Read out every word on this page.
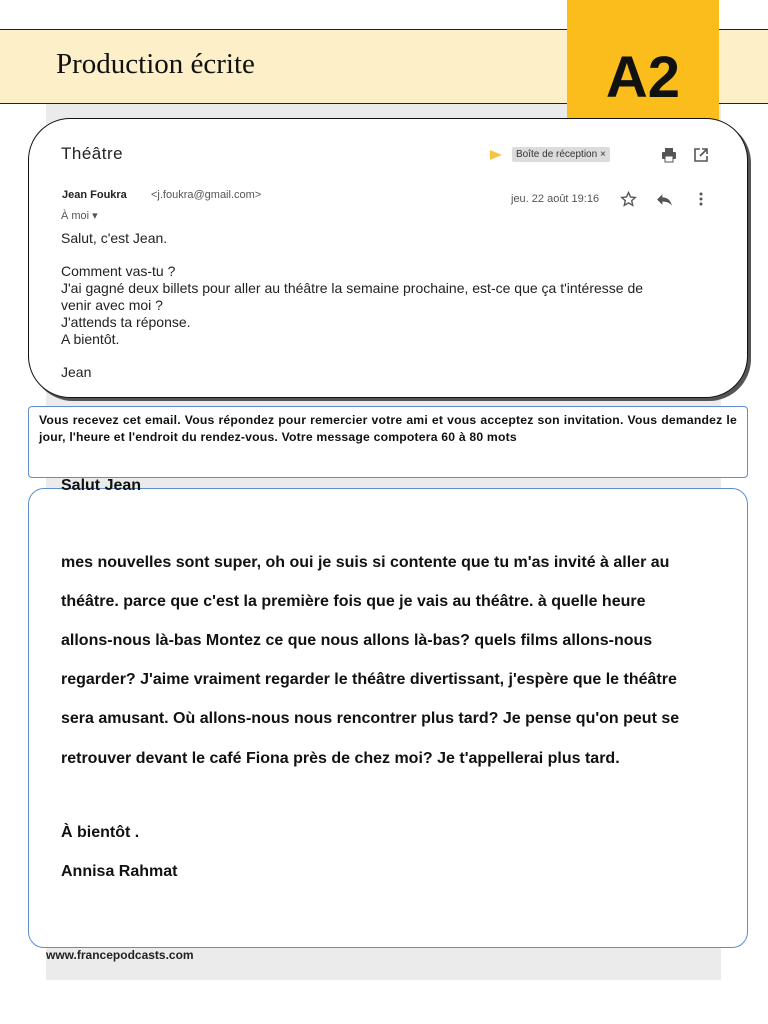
Production écrite	A2
Théâtre	Boîte de réception ×
Jean Foukra <j.foukra@gmail.com>
À moi ▾
jeu. 22 août 19:16
Salut, c'est Jean.
Comment vas-tu ?
J'ai gagné deux billets pour aller au théâtre la semaine prochaine, est-ce que ça t'intéresse de
venir avec moi ?
J'attends ta réponse.
A bientôt.
Jean
Vous recevez cet email. Vous répondez pour remercier votre ami et vous acceptez son invitation. Vous demandez le jour, l'heure et l'endroit du rendez-vous. Votre message compotera 60 à 80 mots
Salut Jean
mes nouvelles sont super, oh oui je suis si contente que tu m'as invité à aller au
théâtre. parce que c'est la première fois que je vais au théâtre. à quelle heure
allons-nous là-bas Montez ce que nous allons là-bas? quels films allons-nous
regarder? J'aime vraiment regarder le théâtre divertissant, j'espère que le théâtre
sera amusant. Où allons-nous nous rencontrer plus tard? Je pense qu'on peut se
retrouver devant le café Fiona près de chez moi? Je t'appellerai plus tard.
À bientôt .
Annisa Rahmat
www.francepodcasts.com
